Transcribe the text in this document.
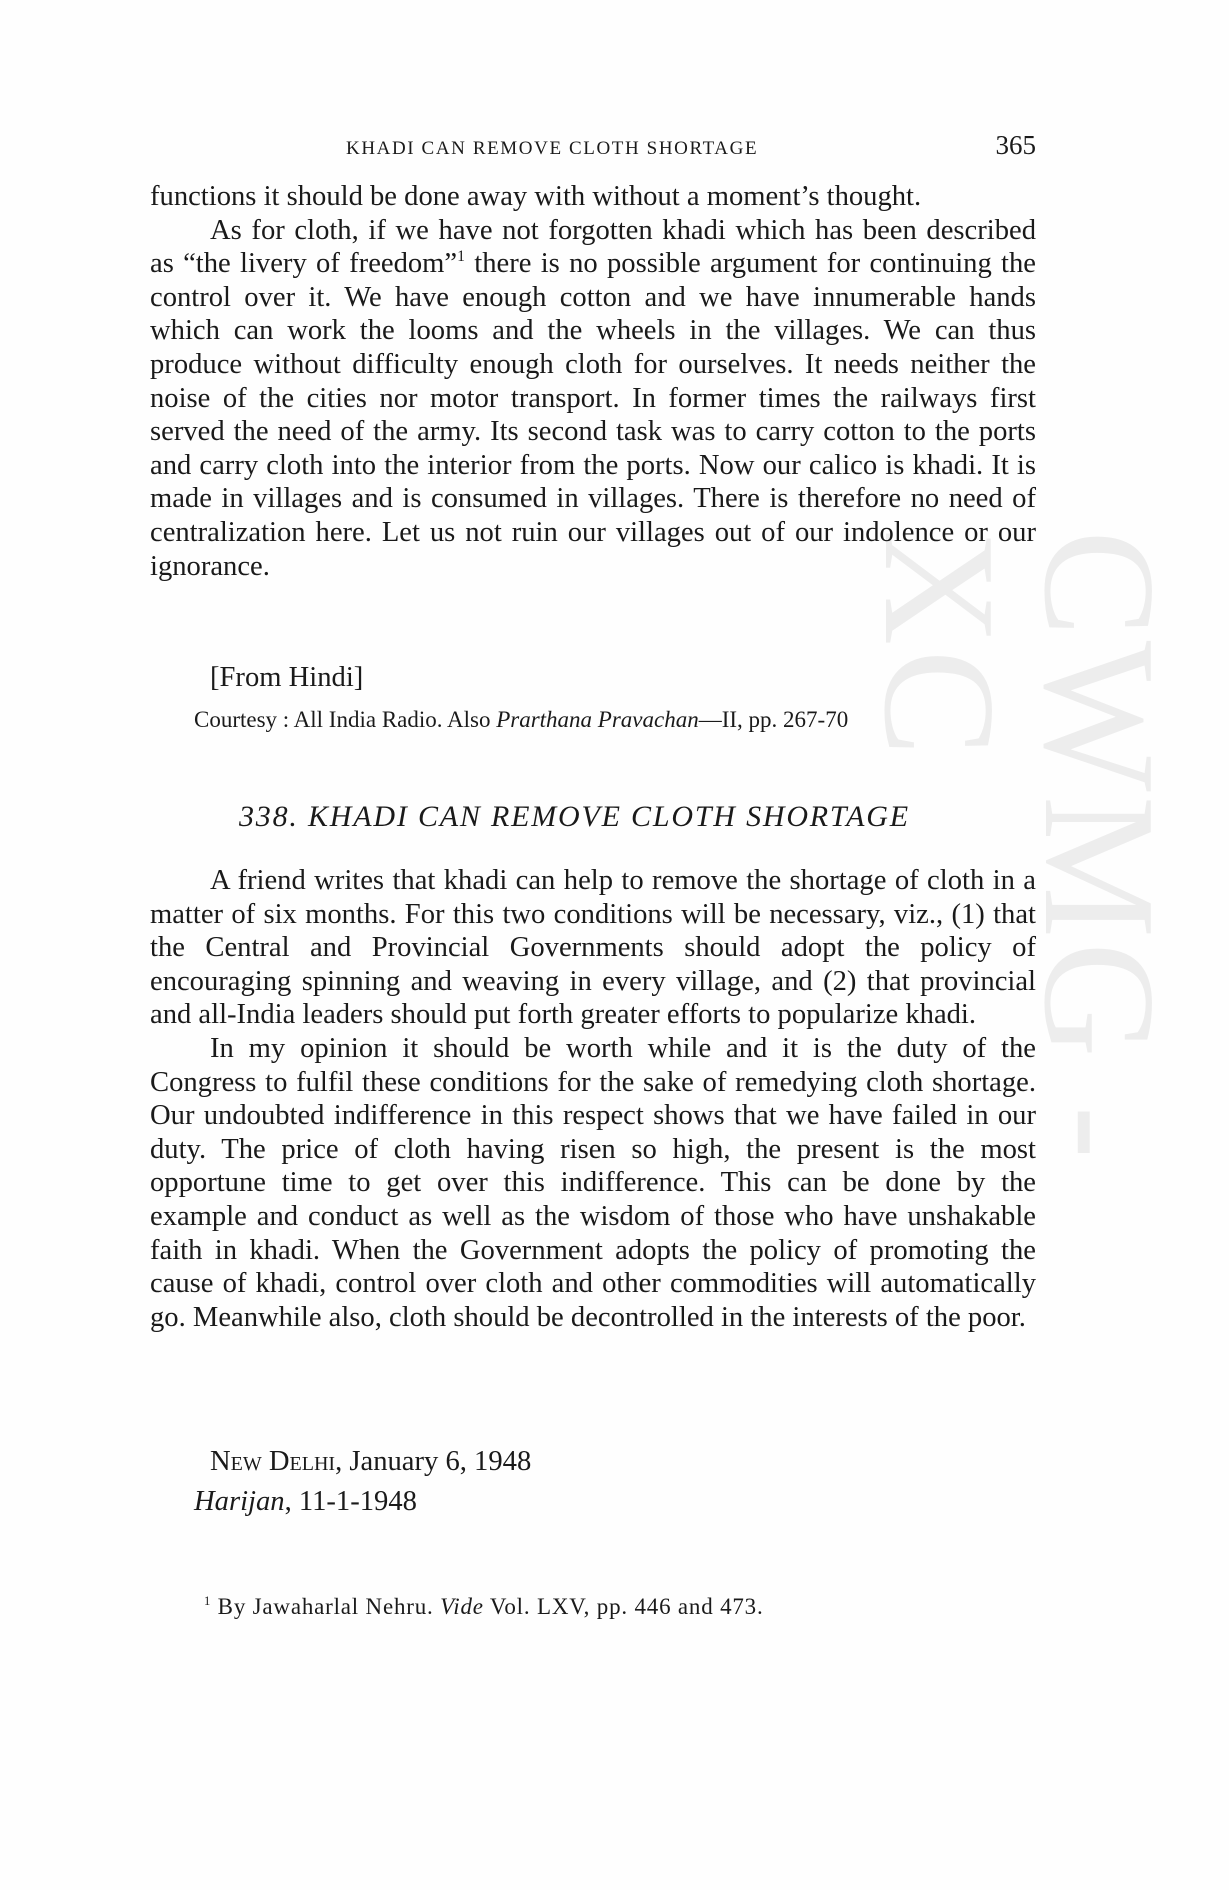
CWMG - XC
KHADI CAN REMOVE CLOTH SHORTAGE	365

functions it should be done away with without a moment’s thought.

As for cloth, if we have not forgotten khadi which has been described as “the livery of freedom”$^1$ there is no possible argument for continuing the control over it. We have enough cotton and we have innumerable hands which can work the looms and the wheels in the villages. We can thus produce without difficulty enough cloth for ourselves. It needs neither the noise of the cities nor motor transport. In former times the railways first served the need of the army. Its second task was to carry cotton to the ports and carry cloth into the interior from the ports. Now our calico is khadi. It is made in villages and is consumed in villages. There is therefore no need of centralization here. Let us not ruin our villages out of our indolence or our ignorance.

[From Hindi]
Courtesy : All India Radio. Also Prarthana Pravachan—II, pp. 267-70
338. KHADI CAN REMOVE CLOTH SHORTAGE

A friend writes that khadi can help to remove the shortage of cloth in a matter of six months. For this two conditions will be necessary, viz., (1) that the Central and Provincial Governments should adopt the policy of encouraging spinning and weaving in every village, and (2) that provincial and all-India leaders should put forth greater efforts to popularize khadi.

In my opinion it should be worth while and it is the duty of the Congress to fulfil these conditions for the sake of remedying cloth shortage. Our undoubted indifference in this respect shows that we have failed in our duty. The price of cloth having risen so high, the present is the most opportune time to get over this indifference. This can be done by the example and conduct as well as the wisdom of those who have unshakable faith in khadi. When the Government adopts the policy of promoting the cause of khadi, control over cloth and other commodities will automatically go. Meanwhile also, cloth should be decontrolled in the interests of the poor.

New Delhi, January 6, 1948
Harijan, 11-1-1948
$^1$ By Jawaharlal Nehru. Vide Vol. LXV, pp. 446 and 473.
